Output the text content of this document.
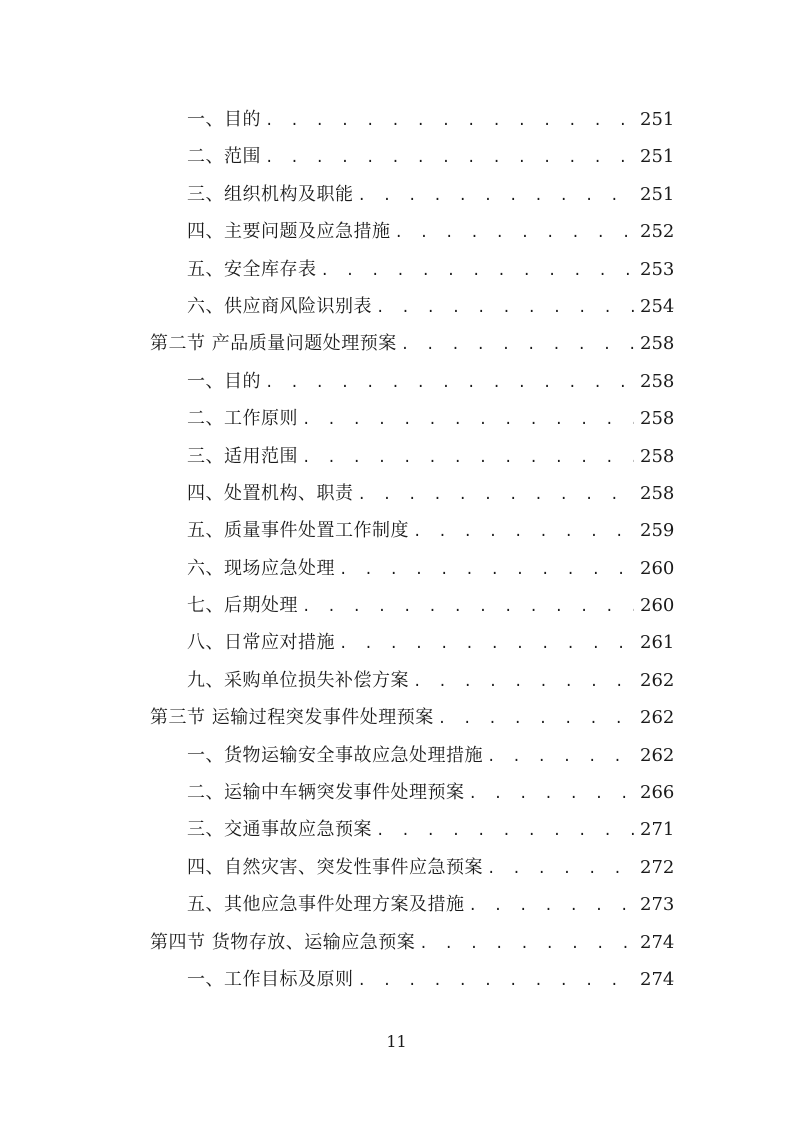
一、目的 . . .	251
二、范围 . . .	251
三、组织机构及职能 . . .	251
四、主要问题及应急措施 . . .	252
五、安全库存表 . . .	253
六、供应商风险识别表 . . .	254
第二节 产品质量问题处理预案 . . .	258
一、目的 . . .	258
二、工作原则 . . .	258
三、适用范围 . . .	258
四、处置机构、职责 . . .	258
五、质量事件处置工作制度 . . .	259
六、现场应急处理 . . .	260
七、后期处理 . . .	260
八、日常应对措施 . . .	261
九、采购单位损失补偿方案 . . .	262
第三节 运输过程突发事件处理预案 . . .	262
一、货物运输安全事故应急处理措施 . . .	262
二、运输中车辆突发事件处理预案 . . .	266
三、交通事故应急预案 . . .	271
四、自然灾害、突发性事件应急预案 . . .	272
五、其他应急事件处理方案及措施 . . .	273
第四节 货物存放、运输应急预案 . . .	274
一、工作目标及原则 . . .	274
11
